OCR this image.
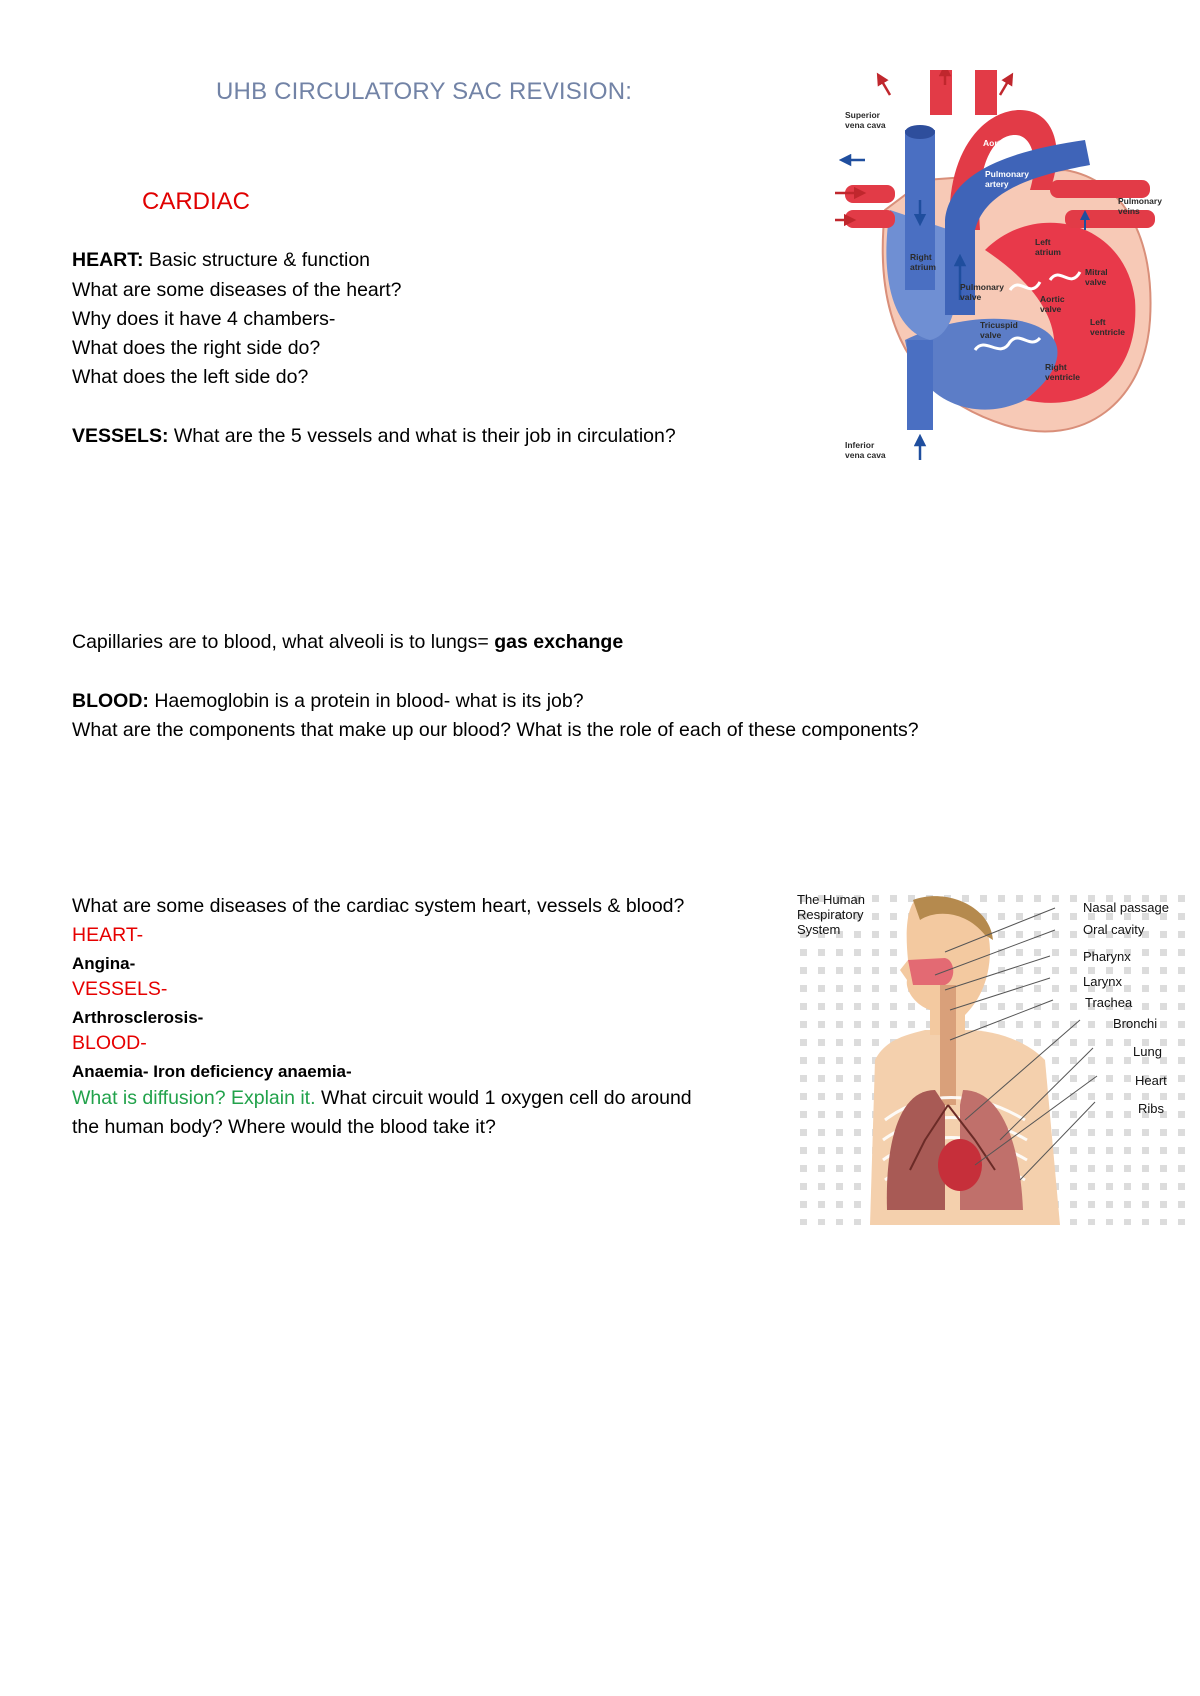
UHB CIRCULATORY SAC REVISION:
CARDIAC
HEART: Basic structure & function
What are some diseases of the heart?
Why does it have 4 chambers-
What does the right side do?
What does the left side do?
VESSELS: What are the 5 vessels and what is their job in circulation?
Capillaries are to blood, what alveoli is to lungs= gas exchange
BLOOD: Haemoglobin is a protein in blood- what is its job?
What are the components that make up our blood? What is the role of each of these components?
What are some diseases of the cardiac system heart, vessels & blood?
HEART-
Angina-
VESSELS-
Arthrosclerosis-
BLOOD-
Anaemia- Iron deficiency anaemia-
What is diffusion? Explain it. What circuit would 1 oxygen cell do around
the human body? Where would the blood take it?
Superior
vena cava
Aorta
Pulmonary
artery
Pulmonary
veins
Left
atrium
Right
atrium	Mitral
valve
Pulmonary
valve	Aortic
valve
Left
ventricle
Tricuspid
valve
Right
ventricle
Inferior
vena cava
The Human
Respiratory
System
Nasal passage
Oral cavity
Pharynx
Larynx
Trachea
Bronchi
Lung
Heart
Ribs
